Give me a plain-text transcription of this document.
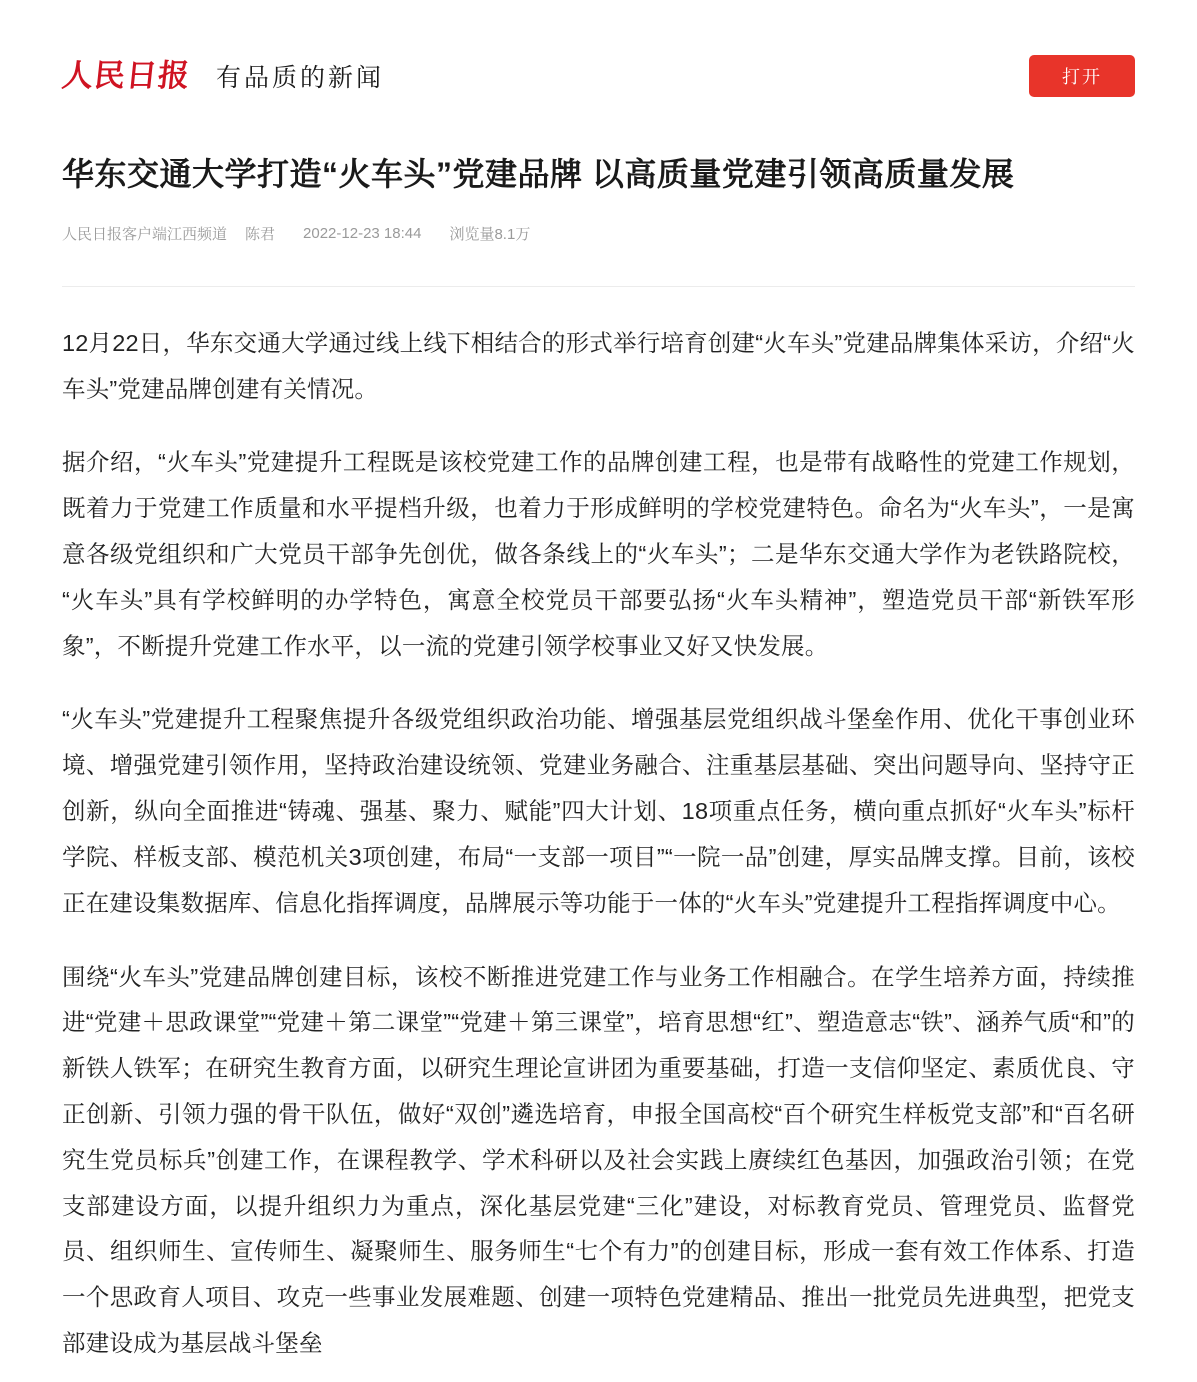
人民日报 有品质的新闻	打开
华东交通大学打造“火车头”党建品牌 以高质量党建引领高质量发展
人民日报客户端江西频道 陈君 2022-12-23 18:44 浏览量8.1万

12月22日，华东交通大学通过线上线下相结合的形式举行培育创建“火车头”党建品牌集体采访，介绍“火车头”党建品牌创建有关情况。

据介绍，“火车头”党建提升工程既是该校党建工作的品牌创建工程，也是带有战略性的党建工作规划，既着力于党建工作质量和水平提档升级，也着力于形成鲜明的学校党建特色。命名为“火车头”，一是寓意各级党组织和广大党员干部争先创优，做各条线上的“火车头”；二是华东交通大学作为老铁路院校，“火车头”具有学校鲜明的办学特色，寓意全校党员干部要弘扬“火车头精神”，塑造党员干部“新铁军形象”，不断提升党建工作水平，以一流的党建引领学校事业又好又快发展。

“火车头”党建提升工程聚焦提升各级党组织政治功能、增强基层党组织战斗堡垒作用、优化干事创业环境、增强党建引领作用，坚持政治建设统领、党建业务融合、注重基层基础、突出问题导向、坚持守正创新，纵向全面推进“铸魂、强基、聚力、赋能”四大计划、18项重点任务，横向重点抓好“火车头”标杆学院、样板支部、模范机关3项创建，布局“一支部一项目”“一院一品”创建，厚实品牌支撑。目前，该校正在建设集数据库、信息化指挥调度，品牌展示等功能于一体的“火车头”党建提升工程指挥调度中心。

围绕“火车头”党建品牌创建目标，该校不断推进党建工作与业务工作相融合。在学生培养方面，持续推进“党建＋思政课堂”“党建＋第二课堂”“党建＋第三课堂”，培育思想“红”、塑造意志“铁”、涵养气质“和”的新铁人铁军；在研究生教育方面，以研究生理论宣讲团为重要基础，打造一支信仰坚定、素质优良、守正创新、引领力强的骨干队伍，做好“双创”遴选培育，申报全国高校“百个研究生样板党支部”和“百名研究生党员标兵”创建工作，在课程教学、学术科研以及社会实践上赓续红色基因，加强政治引领；在党支部建设方面，以提升组织力为重点，深化基层党建“三化”建设，对标教育党员、管理党员、监督党员、组织师生、宣传师生、凝聚师生、服务师生“七个有力”的创建目标，形成一套有效工作体系、打造一个思政育人项目、攻克一些事业发展难题、创建一项特色党建精品、推出一批党员先进典型，把党支部建设成为基层战斗堡垒
